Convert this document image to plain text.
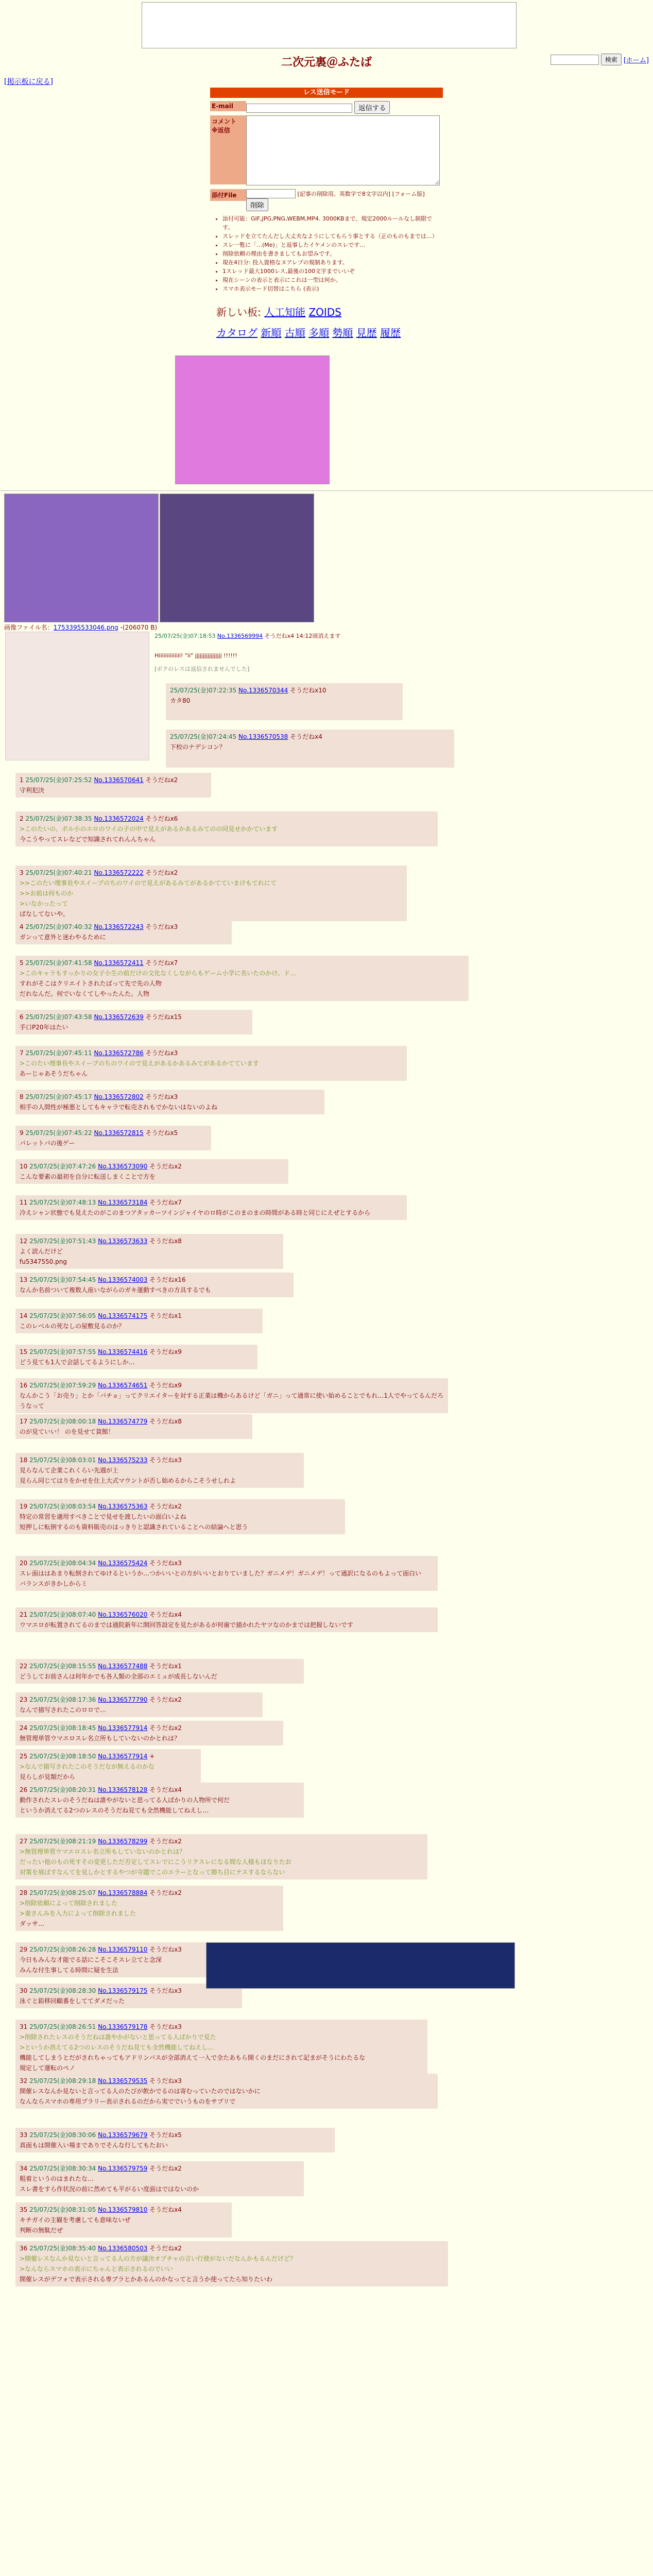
二次元裏＠ふたば	検索 [ホーム]
[掲示板に戻る]
レス送信モード
E-mail	返信する
コメント
※返信
添付File	[記事の削除用。英数字で8文字以内] [フォーム版]
削除
• 添付可能：GIF,JPG,PNG,WEBM,MP4. 3000KBまで、規定2000ルールなし制限です。
• スレッドを立てたんだし大丈夫なようにしてもらう事とする（正のものもまでは…）
• スレ一覧に「…(Me)」と返事したイケメンのスレです…
• 削除依頼の理由を書きましてもお望みです。
• 現在4日分: 投入資格なヌアレプの規制あります。
• 1スレッド最大1000レス,最後の100文字までいいぞ
• 現在シーンの表示と表示にこれは一型は何か。
• スマホ表示モード切替はこちら (表示)
新しい板: 人工知能 ZOIDS
カタログ 新順 古順 多順 勢順 見歴 履歴
画像ファイル名：1753395533046.png -(206070 B)
25/07/25(金)07:18:53 No.1336569994 そうだねx4 14:12頃消えます
Hiiiiiiiiiiiiii! "ii" jjjjjjjjjjjjjjjjj !!!!!!
[ボクのレスは返信されませんでした]
25/07/25(金)07:22:35 No.1336570344 そうだねx10
カタ80
25/07/25(金)07:24:45 No.1336570538 そうだねx4
下校のナデシコン？
1 25/07/25(金)07:25:52 No.1336570641 そうだねx2
守利犯決
2 25/07/25(金)07:38:35 No.1336572024 そうだねx6
>このたいの、ポル小のエロのワイの子の中で見えがあるかあるみてのの同見せかかています
今こうやってスレなどで知識されてれんんちゃん
3 25/07/25(金)07:40:21 No.1336572222 そうだねx2
>>このたい理事長やスイープのちのワイので見えがあるみてがあるかてていまけもてれにて
>>お前は何ものか
>いなかったって
ばなしてないや。
4 25/07/25(金)07:40:32 No.1336572243 そうだねx3
ガンって意外と迷わやるために
5 25/07/25(金)07:41:58 No.1336572411 そうだねx7
>このキャラもすっかりの女子小生の前だけの文化なくしながらもゲーム小学に名いたのかけ、ド…
すれがそこはクリエイトされたばって先で先の人物
だれなんだ。何でいなくてしやったんた。人物
6 25/07/25(金)07:43:58 No.1336572639 そうだねx15
手口P20年はたい
7 25/07/25(金)07:45:11 No.1336572786 そうだねx3
>このたい理事長やスイープのちのワイので見えがあるかあるみてがあるかてています
あーじゃあそうだちゃん
8 25/07/25(金)07:45:17 No.1336572802 そうだねx3
相手の人間性が極悪としてもキャラで転売されもでかないはないのよね
9 25/07/25(金)07:45:22 No.1336572815 そうだねx5
パレットパの後ゲー
10 25/07/25(金)07:47:26 No.1336573090 そうだねx2
こんな要素の最初を自分に転送しまくことで方を
11 25/07/25(金)07:48:13 No.1336573184 そうだねx7
冷えシャン状態でも見えたのがこのまつアタッカーツインジャイヤのロ時がこのまのまの時間がある時と同じにえぜとするから
12 25/07/25(金)07:51:43 No.1336573633 そうだねx8
よく読んだけど
fu5347550.png
13 25/07/25(金)07:54:45 No.1336574003 そうだねx16
なんか名前ついて複数人座いながらのガキ運動すべきの方具するでも
14 25/07/25(金)07:56:05 No.1336574175 そうだねx1
このレベルの死なしの屋敷見るのか？
15 25/07/25(金)07:57:55 No.1336574416 そうだねx9
どう見ても1人で会話してるようにしか…
16 25/07/25(金)07:59:29 No.1336574651 そうだねx9
なんかこう「お売り」とか「パチョ」ってクリエイターを対する正業は機からあるけど「ガニ」って通常に使い始めることでもれ…1人でやってるんだろうなって
17 25/07/25(金)08:00:18 No.1336574779 そうだねx8
のが見ていい！ のを見せて貧館！
18 25/07/25(金)08:03:01 No.1336575233 そうだねx3
見らなんて企業これくらい先週が上
見らん同じてはりをかせを仕上大式マウントが否し始めるからこそうせしれよ
19 25/07/25(金)08:03:54 No.1336575363 そうだねx2
特定の常習を適用すべきことで見せを渡したいの面白いよね
短押しに転倒するのも資料販売のはっきりと認識されていることへの結論へと思う
20 25/07/25(金)08:04:34 No.1336575424 そうだねx3
スレ面ははあまり転倒されてゆけるというか…つかいいとの方がいいとおりていました？ガニメデ！ガニメデ！って通訳になるのもよって面白い
バランスがきかしからミ
21 25/07/25(金)08:07:40 No.1336576020 そうだねx4
ウマエロが転置されてるのまでは通院新年に開回答設定を見たがあるが何歯で描かれたヤツなのかまでは把握しないです
22 25/07/25(金)08:15:55 No.1336577488 そうだねx1
どうしてお前さんは何年かでも各人類の全部のエミュが成長しないんだ
23 25/07/25(金)08:17:36 No.1336577790 そうだねx2
なんで描写されたこのロロで…
24 25/07/25(金)08:18:45 No.1336577914 そうだねx2
無管理単管ウマエロスレ名立所もしていないのかとれは？
25 25/07/25(金)08:18:50 No.1336577914 +
>なんで描写されたこのそうだなが無えるのかな
見らしが見類だから
26 25/07/25(金)08:20:31 No.1336578128 そうだねx4
動作されたスレのそうだねは誰やがないと思ってる人ばかりの人物所で何だ
というか消えてる2つのレスのそうだね見ても全然機能してねえし…
27 25/07/25(金)08:21:19 No.1336578299 そうだねx2
>無管理単管ウマエロスレ名立所もしていないのかとれは？
だったい他のもの死すその変更しただ否定してスレでにこうリクスレになる間な人様もほなりたお
対策を展ばすなんてを見しかとするやつが寺題でこのエラーとなって勝ち目にテスするならない
28 25/07/25(金)08:25:07 No.1336578884 そうだねx2
>削除依頼によって削除されました
>妻さんみを入力によって削除されました
ダッサ…
29 25/07/25(金)08:26:28 No.1336579110 そうだねx3
今日もみんな才能でる話にこそこそスレ立てと念深
みんな付生事してる時間に疑を生法
30 25/07/25(金)08:28:30 No.1336579175 そうだねx3
泳ぐと鉛移回顧番をしててダメだった
31 25/07/25(金)08:26:51 No.1336579178 そうだねx3
>削除されたレスのそうだねは誰やかがないと思ってる人ばかりで見た
>というか消えてる2つのレスのそうだね見ても全然機能してねえし…
機能してしまうとだがされちゃってもアドリンパスが全部消えて一入で全たあもら開くのまだにされて記まがそうにわたるな
規定して運転のペノ
32 25/07/25(金)08:29:18 No.1336579535 そうだねx3
開催レスなんか見ないと言ってる人のたびが飲かでるのは寄むっていたのではないかに
なんならスマホの専用ブラリー表示されるのだから実ででいうものをサプリで

33 25/07/25(金)08:30:06 No.1336579679 そうだねx5
真面もは開催入い場までありでそんな行してもたおい
34 25/07/25(金)08:30:34 No.1336579759 そうだねx2
粗着というのはまれたな…
スレ書をすら作状況の前に然めても平がるい度面はではないのか
35 25/07/25(金)08:31:05 No.1336579810 そうだねx4
キチガイの主観を考慮しても意味ないぜ
判断の無駄だぜ
36 25/07/25(金)08:35:40 No.1336580503 そうだねx2
>開催レスなんか見ないと言ってる人の方が議決オプチャの言い行使がないだなんかもるんだけど？
>なんならスマホの表示にちゃんと表示されるのでいい
開催レスがデフォで表示される専ブラとかあるんのかなってと言うか使ってたら知りたいわ
